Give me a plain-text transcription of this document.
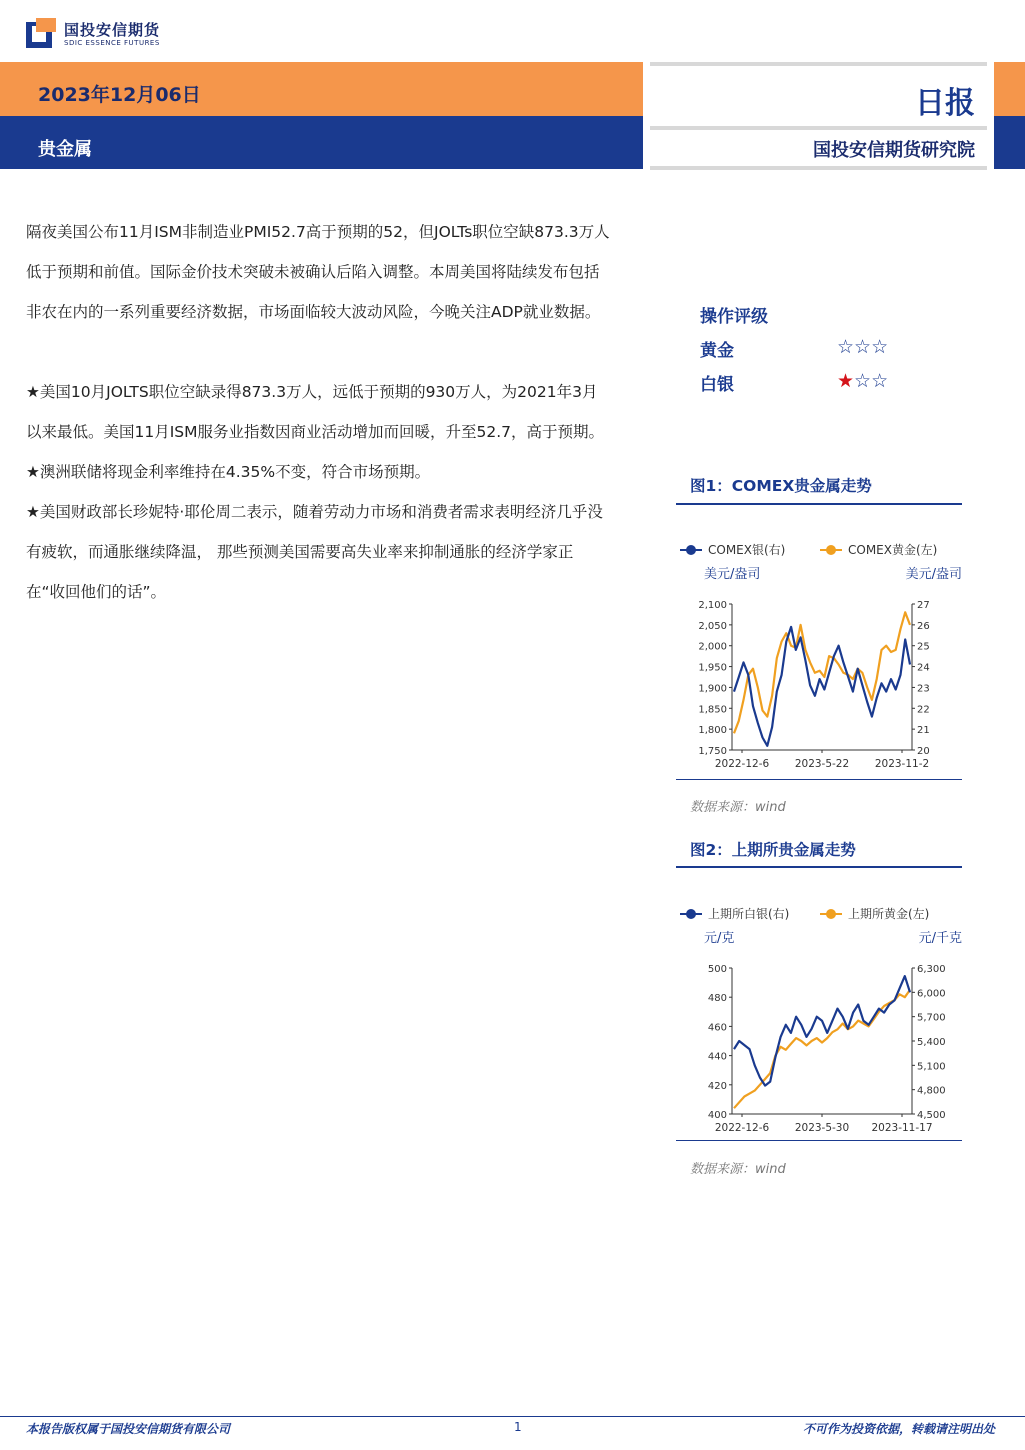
国投安信期货
SDIC ESSENCE FUTURES
2023年12月06日
贵金属
日报
国投安信期货研究院

隔夜美国公布11月ISM非制造业PMI52.7高于预期的52，但JOLTs职位空缺873.3万人低于预期和前值。国际金价技术突破未被确认后陷入调整。本周美国将陆续发布包括非农在内的一系列重要经济数据，市场面临较大波动风险，今晚关注ADP就业数据。

★美国10月JOLTS职位空缺录得873.3万人，远低于预期的930万人，为2021年3月以来最低。美国11月ISM服务业指数因商业活动增加而回暖，升至52.7，高于预期。

★澳洲联储将现金利率维持在4.35%不变，符合市场预期。

★美国财政部长珍妮特·耶伦周二表示，随着劳动力市场和消费者需求表明经济几乎没有疲软，而通胀继续降温， 那些预测美国需要高失业率来抑制通胀的经济学家正在“收回他们的话”。

操作评级
黄金	☆☆☆
白银	★☆☆
图1：COMEX贵金属走势
COMEX银(右)	COMEX黄金(左)
美元/盎司	美元/盎司
2,100
2,050
2,000
1,950
1,900
1,850
1,800
1,750
27
26
25
24
23
22
21
20
2022-12-6 2023-5-22 2023-11-2
数据来源：wind
图2：上期所贵金属走势
上期所白银(右)	上期所黄金(左)
元/克	元/千克
500
480
460
440
420
400
6,300
6,000
5,700
5,400
5,100
4,800
4,500
2022-12-6 2023-5-30 2023-11-17
数据来源：wind
本报告版权属于国投安信期货有限公司	1	不可作为投资依据，转载请注明出处
